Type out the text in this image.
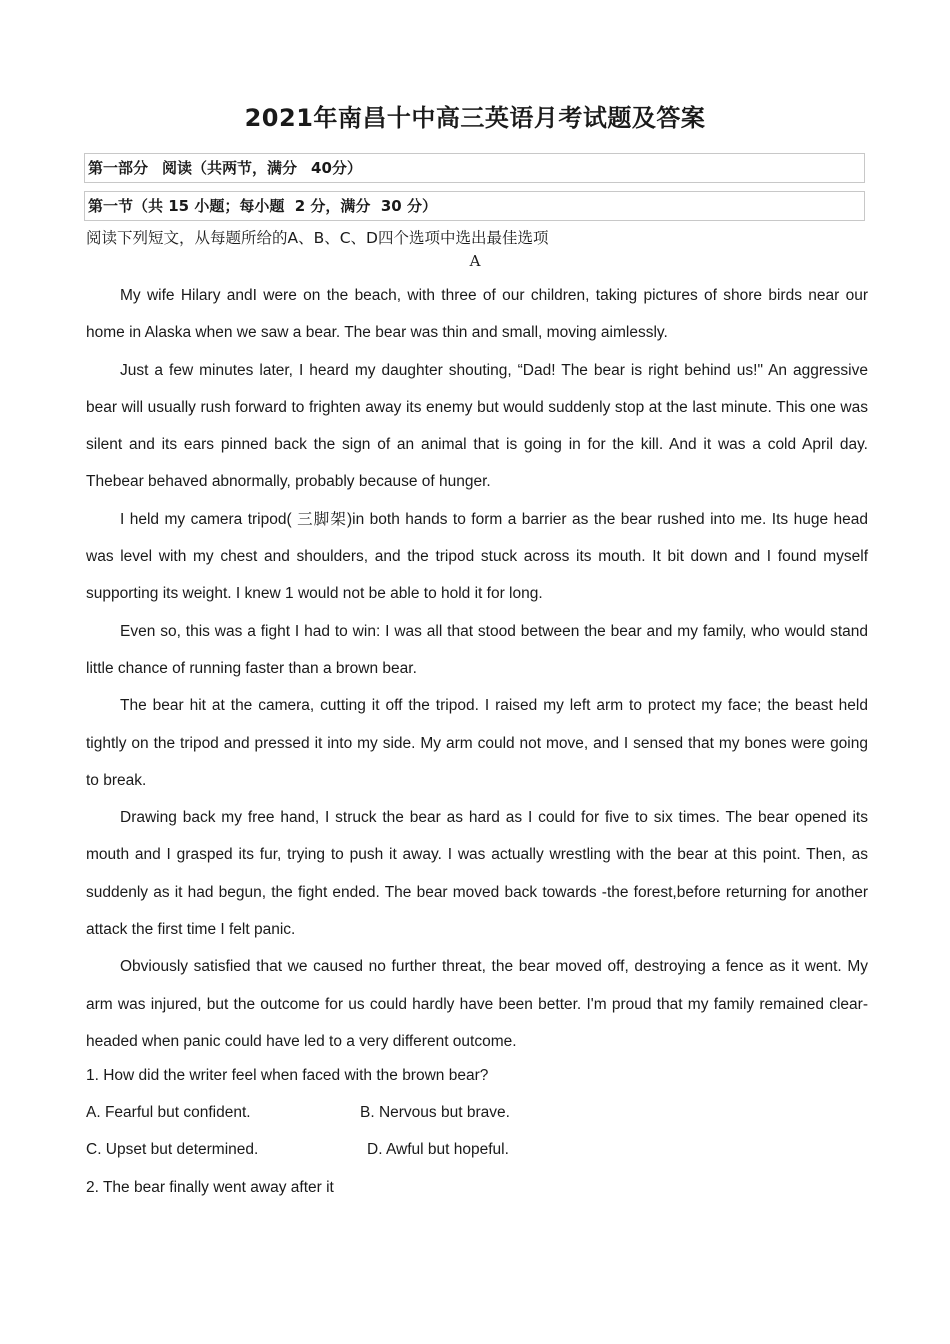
2021年南昌十中高三英语月考试题及答案
第一部分 阅读（共两节，满分 40分）
第一节（共 15 小题；每小题  2 分，满分  30 分）
阅读下列短文，从每题所给的A、B、C、D四个选项中选出最佳选项
A

My wife Hilary andI were on the beach, with three of our children, taking pictures of shore birds near our home in Alaska when we saw a bear. The bear was thin and small, moving aimlessly.

Just a few minutes later, I heard my daughter shouting, “Dad! The bear is right behind us!" An aggressive bear will usually rush forward to frighten away its enemy but would suddenly stop at the last minute. This one was silent and its ears pinned back the sign of an animal that is going in for the kill. And it was a cold April day. Thebear behaved abnormally, probably because of hunger.

I held my camera tripod( 三脚架)in both hands to form a barrier as the bear rushed into me. Its huge head was level with my chest and shoulders, and the tripod stuck across its mouth. It bit down and I found myself supporting its weight. I knew 1 would not be able to hold it for long.

Even so, this was a fight I had to win: I was all that stood between the bear and my family, who would stand little chance of running faster than a brown bear.

The bear hit at the camera, cutting it off the tripod. I raised my left arm to protect my face; the beast held tightly on the tripod and pressed it into my side. My arm could not move, and I sensed that my bones were going to break.

Drawing back my free hand, I struck the bear as hard as I could for five to six times. The bear opened its mouth and I grasped its fur, trying to push it away. I was actually wrestling with the bear at this point. Then, as suddenly as it had begun, the fight ended. The bear moved back towards -the forest,before returning for another attack the first time I felt panic.

Obviously satisfied that we caused no further threat, the bear moved off, destroying a fence as it went. My arm was injured, but the outcome for us could hardly have been better. I'm proud that my family remained clear-headed when panic could have led to a very different outcome.

1. How did the writer feel when faced with the brown bear?
A. Fearful but confident.	B. Nervous but brave.
C. Upset but determined.	D. Awful but hopeful.
2. The bear finally went away after it
